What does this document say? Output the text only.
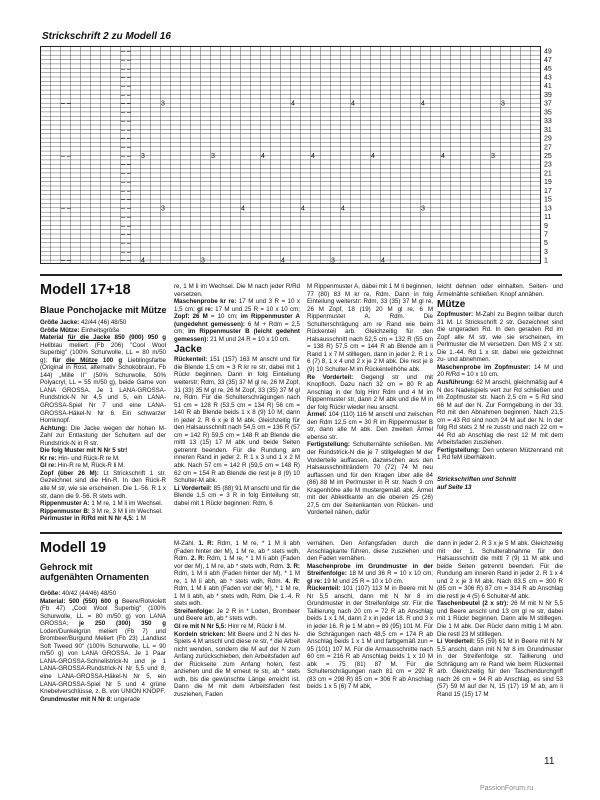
Strickschrift 2 zu Modell 16
49
47
45
43
41
39
37
35
33
31
29
27
25
23
21
19
17
15
13
11
9
7
5
3
1
– –
– –
– –
– –
– –
– –
– –	– –	3	4	4	4	3
– –
– –
– –
– –
– –
– –	– – 3	3	4	4	4	4	3
– –
– –
– –
– –
– –
– –	– –	3	4	4	4	3
– –
– –
– –
– –
– –
– –	– – 4	3	4	3	4
Modell 17+18
Blaue Ponchojacke mit Mütze

Größe Jacke: 42/44 (46) 48/50
Größe Mütze: Einheitsgröße
Material für die Jacke 850 (900) 950 g Hellblau meliert (Fb 206) "Cool Wool Superbig" (100% Schurwolle, LL = 80 m/50 g); für die Mütze 100 g Lieblingsfarbe (Original in Rost, alternativ Schokobraun, Fb 144) „Mille II" (50% Schurwolle, 50% Polyacryl, LL = 55 m/50 g), beide Garne von LANA GROSSA. Je 1 LANA-GROSSA-Rundstrick-N Nr 4,5 und 5, ein LANA-GROSSA-Spiel Nr 7 und eine LANA-GROSSA-Häkel-N Nr 6. Ein schwarzer Hornknopf.
Achtung: Die Jacke wegen der hohen M-Zahl zur Entlastung der Schultern auf der Rundstrick-N in R str.
Die folg Muster mit N Nr 5 str!
Kr re: Hin- und Rück-R re M.
Gl re: Hin-R re M, Rück-R li M.
Zopf (über 26 M): Lt Strickschrift 1 str. Gezeichnet sind die Hin-R. In den Rück-R alle M str, wie sie erscheinen. Die 1.-56. R 1 x str, dann die 9.-56. R stets wdh.
Rippenmuster A: 1 M re, 1 M li im Wechsel.
Rippenmuster B: 3 M re, 3 M li im Wechsel.
Perlmuster in R/Rd mit N Nr 4,5: 1 M

re, 1 M li im Wechsel. Die M nach jeder R/Rd versetzen.
Maschenprobe kr re: 17 M und 3 R = 10 x 1,5 cm; gl re: 17 M und 25 R = 10 x 10 cm; Zopf: 26 M = 10 cm; im Rippenmuster A (ungedehnt gemessen): 6 M + Rdm = 2,5 cm; im Rippenmuster B (leicht gedehnt gemessen): 21 M und 24 R = 10 x 10 cm.

Jacke

Rückenteil: 151 (157) 163 M anschl und für die Blende 1,5 cm = 3 R kr re str, dabei mit 1 Rückr beginnen. Dann in folg Einteilung weiterstr: Rdm, 33 (35) 37 M gl re, 26 M Zopf, 31 (33) 35 M gl re, 26 M Zopf, 33 (35) 37 M gl re, Rdm. Für die Schulterschrägungen nach 51 cm = 128 R (53,5 cm = 134 R) 56 cm = 140 R ab Blende beids 1 x 8 (9) 10 M, dann in jeder 2. R 6 x je 8 M abk. Gleichzeitig für den Halsausschnitt nach 54,5 cm = 136 R (57 cm = 142 R) 59,5 cm = 148 R ab Blende die mittl 13 (15) 17 M abk und beide Seiten getrennt beenden. Für die Rundung am inneren Rand in jeder 2. R 1 x 3 und 1 x 2 M abk. Nach 57 cm = 142 R (59,5 cm = 148 R) 62 cm = 154 R ab Blende die rest je 8 (9) 10 Schulter-M abk.
Li Vorderteil: 85 (88) 91 M anschl und für die Blende 1,5 cm = 3 R in folg Einteilung str, dabei mit 1 Rückr beginnen: Rdm, 6

M Rippenmuster A, dabei mit 1 M li beginnen, 77 (80) 83 M kr re, Rdm. Dann in folg Einteilung weiterstr: Rdm, 33 (35) 37 M gl re, 26 M Zopf, 18 (19) 20 M gl re, 6 M Rippenmuster A, Rdm. Die Schulterschrägung am re Rand wie beim Rückenteil arb. Gleichzeitig für den Halsausschnitt nach 52,5 cm = 132 R (55 cm = 138 R) 57,5 cm = 144 R ab Blende am li Rand 1 x 7 M stilllegen, dann in jeder 2. R 1 x 6 (7) 8, 1 x 4 und 2 x je 2 M abk. Die rest je 8 (9) 10 Schulter-M im Rückenteilhöhe abk.
Re Vorderteil: Gegengl str und mit Knopfloch. Dazu nach 32 cm = 80 R ab Anschlag in der folg Hinr Rdm und 4 M im Rippenmuster str, dann 2 M abk und die M in der folg Rückr wieder neu anschl.
Ärmel: 104 (110) 116 M anschl und zwischen den Rdm 12,5 cm = 30 R im Rippenmuster B str, dann alle M abk. Den zweiten Ärmel ebenso str.
Fertigstellung: Schulternähte schließen. Mit der Rundstrick-N die je 7 stillgelegten M der Vorderteile auffassen, dazwischen aus den Halsausschnitträndern 70 (72) 74 M neu auffassen und für den Kragen über alle 84 (86) 88 M im Perlmuster in R str. Nach 9 cm Kragenhöhe alle M mustergemäß abk. Ärmel mit der Abkettkante an die oberen 25 (26) 27,5 cm der Seitenkanten von Rücken- und Vorderteil nähen, dafür

leicht dehnen oder einhalten. Seiten- und Ärmelnähte schließen. Knopf annähen.

Mütze

Zopfmuster: M-Zahl zu Beginn teilbar durch 31 M. Lt Strickschrift 2 str. Gezeichnet sind die ungeraden Rd. In den geraden Rd im Zopf alle M str, wie sie erscheinen, im Perlmuster die M versetzen. Den MS 2 x str. Die 1.-44. Rd 1 x str, dabei wie gezeichnet zu- und abnehmen.
Maschenprobe im Zopfmuster: 14 M und 20 R/Rd = 10 x 10 cm.
Ausführung: 62 M anschl, gleichmäßig auf 4 N des Nadelspiels vert zur Rd schließen und im Zopfmuster str. Nach 2,5 cm = 5 Rd sind 66 M auf der N. Zur Formgebung in der 33. Rd mit den Abnahmen beginnen. Nach 21,5 cm = 43 Rd sind noch 24 M auf der N. In der folg Rd stets 2 M re zusstr und nach 22 cm = 44 Rd ab Anschlag die rest 12 M mit dem Arbeitsfaden zusziehen.
Fertigstellung: Den unteren Mützenrand mit 1 Rd feM überhäkeln.

Strickschriften und Schnitt
auf Seite 13

Modell 19
Gehrock mit
aufgenähten Ornamenten

Größe: 40/42 (44/46) 48/50
Material: 500 (550) 600 g Beere/Rotviolett (Fb 47) „Cool Wool Superbig" (100% Schurwolle, LL = 80 m/50 g) von LANA GROSSA; je 250 (300) 350 g Loden/Dunkelgrün meliert (Fb 7) und Brombeer/Burgund Meliert (Fb 23) „Landlust Soft Tweed 90" (100% Schurwolle, LL = 90 m/50 g) von LANA GROSSA. Je 1 Paar LANA-GROSSA-Schnellstrick-N und je 1 LANA-GROSSA-Rundstrick-N Nr 5,5 und 8, eine LANA-GROSSA-Häkel-N Nr 5, ein LANA-GROSSA-Spiel Nr 5 und 4 grüne Knebelverschlüsse, z. B. von UNION KNOPF.
Grundmuster mit N Nr 8: ungerade

M-Zahl. 1. R: Rdm, 1 M re, * 1 M li abh (Faden hinter der M), 1 M re, ab * stets wdh, Rdm. 2. R: Rdm, 1 M re, * 1 M li abh (Faden vor der M), 1 M re, ab * stets wdh, Rdm. 3. R: Rdm, 1 M li abh (Faden hinter der M), * 1 M re, 1 M li abh, ab * stets wdh, Rdm. 4. R: Rdm, 1 M li abh (Faden vor der M), * 1 M re, 1 M li abh, ab * stets wdh, Rdm. Die 1.-4. R stets wdh.
Streifenfolge: Je 2 R in * Loden, Brombeer und Beere arb, ab * stets wdh.
Gl re mit N Nr 5,5: Hinr re M, Rückr li M.
Kordeln stricken: Mit Beere und 2 N des N-Spiels 4 M anschl und diese re str, * die Arbeit nicht wenden, sondern die M auf der N zum Anfang zurückschieben, den Arbeitsfaden auf der Rückseite zum Anfang holen, fest anziehen und die M erneut re str, ab * stets wdh, bis die gewünschte Länge erreicht ist. Dann die M mit dem Arbeitsfaden fest zusziehen, Faden

vernähen. Den Anfangsfaden durch die Anschlagkante führen, diese zusziehen und den Faden vernähen.
Maschenprobe im Grundmuster in der Streifenfolge: 18 M und 36 R = 10 x 10 cm; gl re: 19 M und 25 R = 10 x 10 cm.
Rückenteil: 101 (107) 113 M in Beere mit N Nr 5,5 anschl, dann mit N Nr 8 im Grundmuster in der Streifenfolge str. Für die Taillierung nach 20 cm = 72 R ab Anschlag beids 1 x 1 M, dann 2 x in jeder 18. R und 3 x in jeder 16. R je 1 M abn = 89 (95) 101 M. Für die Schrägungen nach 48,5 cm = 174 R ab Anschlag beids 1 x 1 M und farbgemäß zun = 95 (101) 107 M. Für die Armausschnitte nach 60 cm = 216 R ab Anschlag beids 1 x 10 M abk = 75 (81) 87 M. Für die Schulterschrägungen nach 81 cm = 292 R (83 cm = 298 R) 85 cm = 306 R ab Anschlag beids 1 x 5 (6) 7 M abk,

dann in jeder 2. R 3 x je 5 M abk. Gleichzeitig mit der 1. Schulterabnahme für den Halsausschnitt die mittl 7 (9) 11 M abk und beide Seiten getrennt beenden. Für die Rundung am inneren Rand in jeder 2. R 1 x 4 und 2 x je 3 M abk. Nach 83,5 cm = 300 R (85 cm = 306 R) 87 cm = 314 R ab Anschlag die restl je 4 (5) 6 Schulter-M abk.
Taschenbeutel (2 x str): 26 M mit N Nr 5,5 und Beere anschl und 13 cm gl re str, dabei mit 1 Rückr beginnen. Dann alle M stilllegen. Die 1 M abk. Der Rückr dann mittig 1 M abn. Die restl 23 M stilllegen.
Li Vorderteil: 55 (59) 61 M in Beere mit N Nr 5,5 anschl, dann mit N Nr 8 im Grundmuster in der Streifenfolge str. Taillierung und Schrägung am re Rand wie beim Rückenteil arb. Gleichzeitig für den Taschendurchgriff nach 26 cm = 94 R ab Anschlag, es sind 53 (57) 59 M auf der N, 15 (17) 19 M ab, am li Rand 15 (15) 17 M

11
PassionForum.ru
